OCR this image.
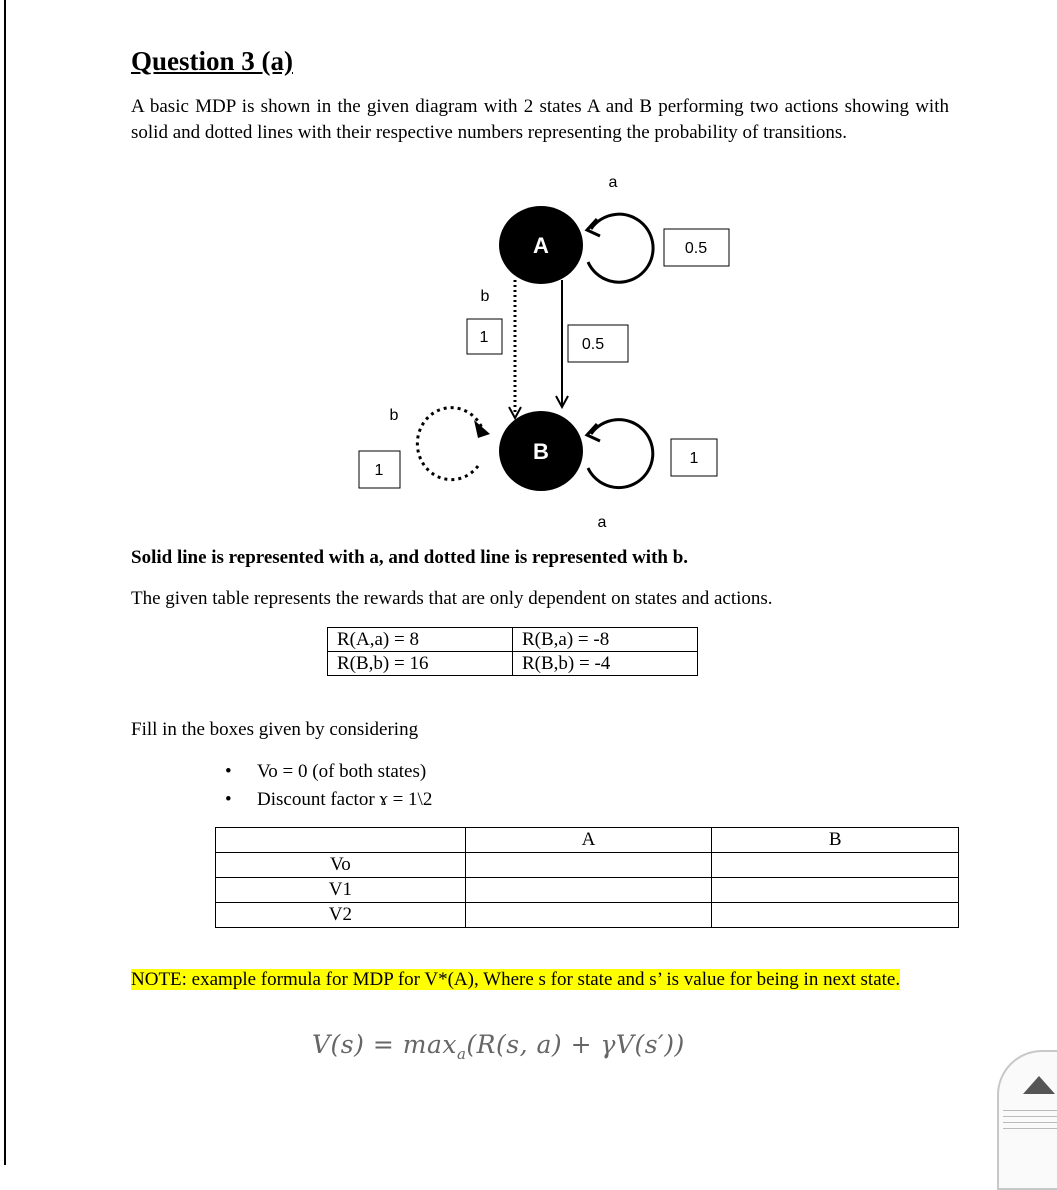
Question 3 (a)

A basic MDP is shown in the given diagram with 2 states A and B performing two actions showing with solid and dotted lines with their respective numbers representing the probability of transitions.

A
B
a
b
b
a
0.5
1	0.5
1
1

Solid line is represented with a, and dotted line is represented with b.

The given table represents the rewards that are only dependent on states and actions.

R(A,a) = 8	R(B,a) = -8
R(B,b) = 16	R(B,b) = -4

Fill in the boxes given by considering

• Vo = 0 (of both states)
• Discount factor ɤ = 1\2
	A	B
Vo		
V1		
V2		

NOTE: example formula for MDP for V*(A), Where s for state and s’ is value for being in next state.

$V(s) = \max_a(R(s$, a) + γV(s′))
